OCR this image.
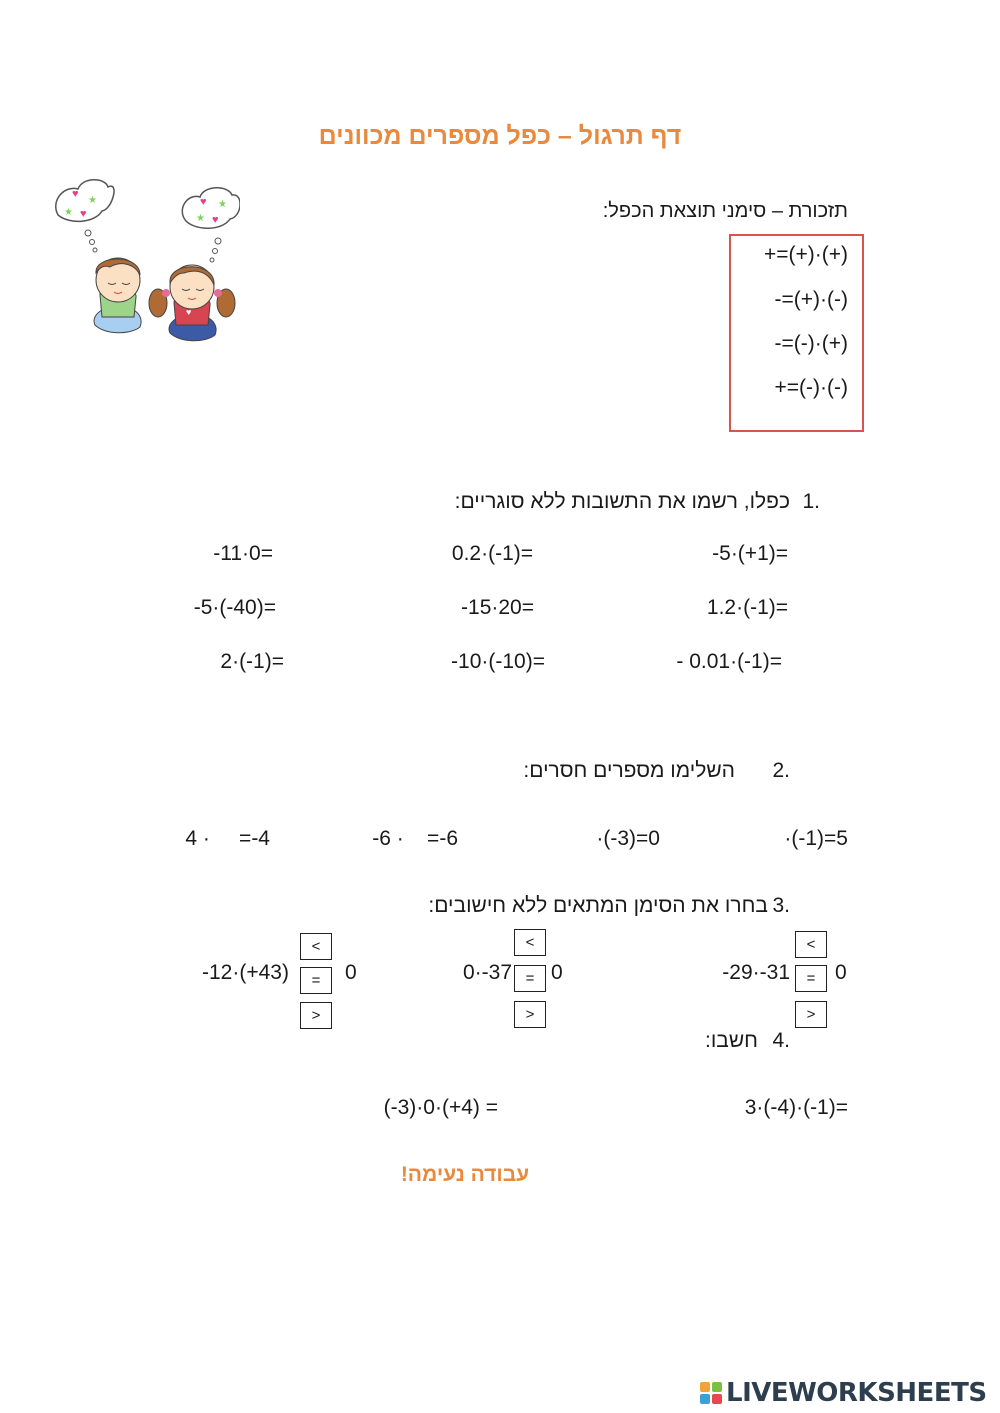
דף תרגול – כפל מספרים מכוונים
♥
★
★ ♥
♥ ★
★ ♥
♥
תזכורת – סימני תוצאת הכפל:
+=(+)·(+)
-=(+)·(-)
-=(-)·(+)
+=(-)·(-)
1.
כפלו, רשמו את התשובות ללא סוגריים:
-5·(+1)=
0.2·(-1)=
-11·0=
1.2·(-1)=
-15·20=
-5·(-40)=
- 0.01·(-1)=
-10·(-10)=
2·(-1)=
2.
השלימו מספרים חסרים:
·(-1)=5
·(-3)=0
-6 ·    =-6
4 ·     =-4
3.
בחרו את הסימן המתאים ללא חישובים:
0
<
=
>
-29·-31
0
<
=
>
0·-37
0
<
=
>
-12·(+43)
4.
חשבו:
3·(-4)·(-1)=
(-3)·0·(+4) =
עבודה נעימה!
LIVEWORKSHEETS
